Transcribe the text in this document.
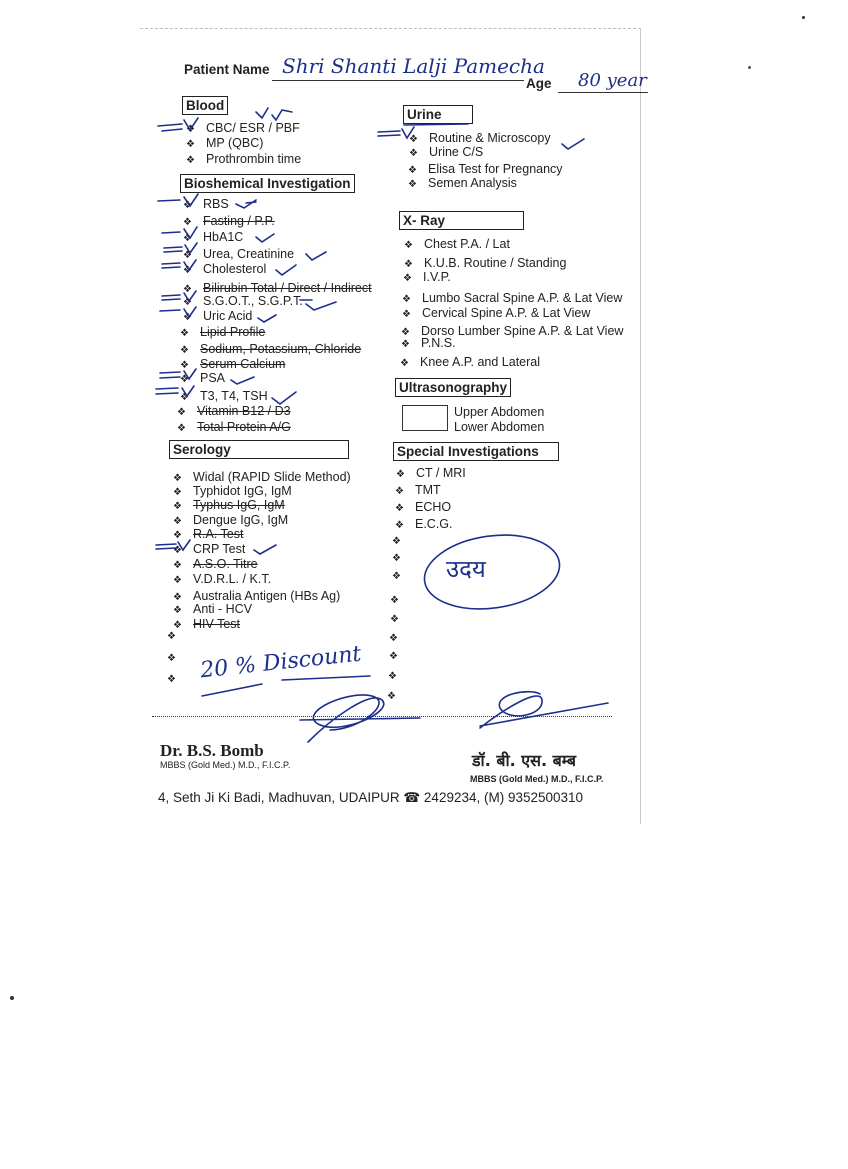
Patient Name Shri Shanti Lalji Pamecha
Age 80 year
Blood
❖ CBC/ ESR / PBF
❖ MP (QBC)
❖ Prothrombin time
Bioshemical Investigation
❖ RBS
❖ Fasting / P.P.
❖ HbA1C
❖ Urea, Creatinine
❖ Cholesterol
❖ Bilirubin Total / Direct / Indirect
❖ S.G.O.T., S.G.P.T.
❖ Uric Acid
❖ Lipid Profile
❖ Sodium, Potassium, Chloride
❖ Serum Calcium
❖ PSA
❖ T3, T4, TSH
❖ Vitamin B12 / D3
❖ Total Protein A/G
Serology
❖ Widal (RAPID Slide Method)
❖ Typhidot IgG, IgM
❖ Typhus IgG, IgM
❖ Dengue IgG, IgM
❖ R.A. Test
❖ CRP Test
❖ A.S.O. Titre
❖ V.D.R.L. / K.T.
❖ Australia Antigen (HBs Ag)
❖ Anti - HCV
❖ HIV Test
❖
❖
❖
Urine
❖ Routine & Microscopy
❖ Urine C/S
❖ Elisa Test for Pregnancy
❖ Semen Analysis
X- Ray
❖ Chest P.A. / Lat
❖ K.U.B. Routine / Standing
❖ I.V.P.
❖ Lumbo Sacral Spine A.P. & Lat View
❖ Cervical Spine A.P. & Lat View
❖ Dorso Lumber Spine A.P. & Lat View
❖ P.N.S.
❖ Knee A.P. and Lateral
Ultrasonography
Upper Abdomen
Lower Abdomen
Special Investigations
❖ CT / MRI
❖ TMT
❖ ECHO
❖ E.C.G.
❖
❖
❖
❖
❖
❖
❖
❖
❖
20 % Discount
उदय
Dr. B.S. Bomb
MBBS (Gold Med.) M.D., F.I.C.P.	डॉ. बी. एस. बम्ब
MBBS (Gold Med.) M.D., F.I.C.P.
4, Seth Ji Ki Badi, Madhuvan, UDAIPUR ☎ 2429234, (M) 9352500310
